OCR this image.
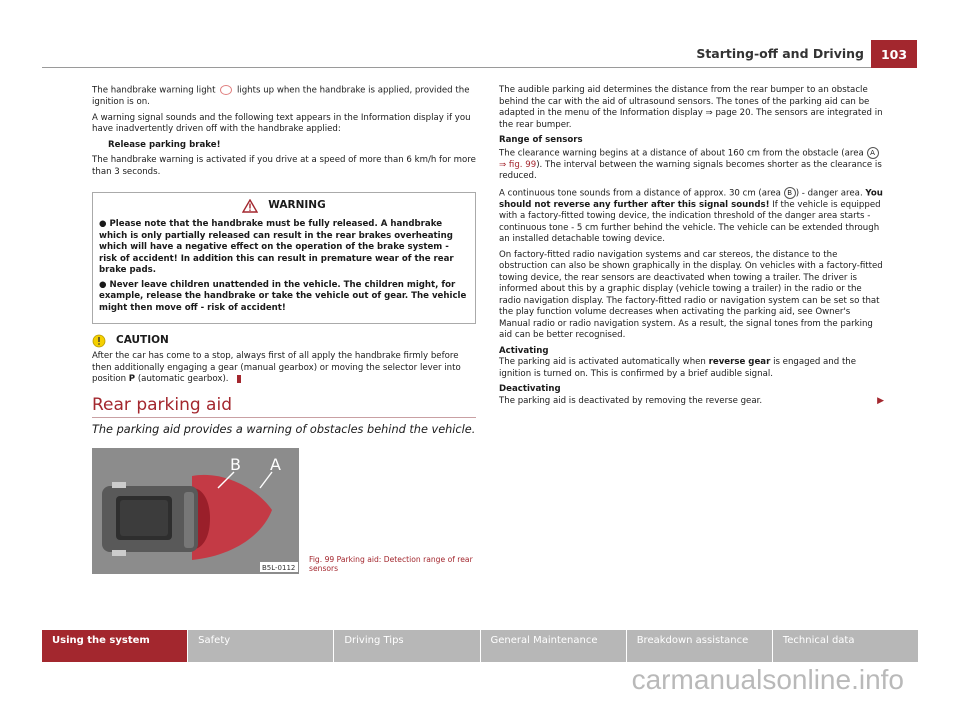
Starting-off and Driving	103

The handbrake warning light lights up when the handbrake is applied, provided the ignition is on.

A warning signal sounds and the following text appears in the Information display if you have inadvertently driven off with the handbrake applied:

Release parking brake!

The handbrake warning is activated if you drive at a speed of more than 6 km/h for more than 3 seconds.

WARNING

● Please note that the handbrake must be fully released. A handbrake which is only partially released can result in the rear brakes overheating which will have a negative effect on the operation of the brake system - risk of accident! In addition this can result in premature wear of the rear brake pads.

● Never leave children unattended in the vehicle. The children might, for example, release the handbrake or take the vehicle out of gear. The vehicle might then move off - risk of accident!

CAUTION

After the car has come to a stop, always first of all apply the handbrake firmly before then additionally engaging a gear (manual gearbox) or moving the selector lever into position P (automatic gearbox).

Rear parking aid
The parking aid provides a warning of obstacles behind the vehicle.
B A
B5L-0112
Fig. 99 Parking aid: Detection range of rear sensors

The audible parking aid determines the distance from the rear bumper to an obstacle behind the car with the aid of ultrasound sensors. The tones of the parking aid can be adapted in the menu of the Information display ⇒ page 20. The sensors are integrated in the rear bumper.

Range of sensors
The clearance warning begins at a distance of about 160 cm from the obstacle (area A ⇒ fig. 99). The interval between the warning signals becomes shorter as the clearance is reduced.

A continuous tone sounds from a distance of approx. 30 cm (area B ) - danger area. You should not reverse any further after this signal sounds! If the vehicle is equipped with a factory-fitted towing device, the indication threshold of the danger area starts - continuous tone - 5 cm further behind the vehicle. The vehicle can be extended through an installed detachable towing device.

On factory-fitted radio navigation systems and car stereos, the distance to the obstruction can also be shown graphically in the display. On vehicles with a factory-fitted towing device, the rear sensors are deactivated when towing a trailer. The driver is informed about this by a graphic display (vehicle towing a trailer) in the radio or the radio navigation display. The factory-fitted radio or navigation system can be set so that the play function volume decreases when activating the parking aid, see Owner's Manual radio or radio navigation system. As a result, the signal tones from the parking aid can be better recognised.

Activating
The parking aid is activated automatically when reverse gear is engaged and the ignition is turned on. This is confirmed by a brief audible signal.

Deactivating
The parking aid is deactivated by removing the reverse gear.	▶

Using the system	Safety	Driving Tips	General Maintenance	Breakdown assistance	Technical data
carmanualsonline.info
